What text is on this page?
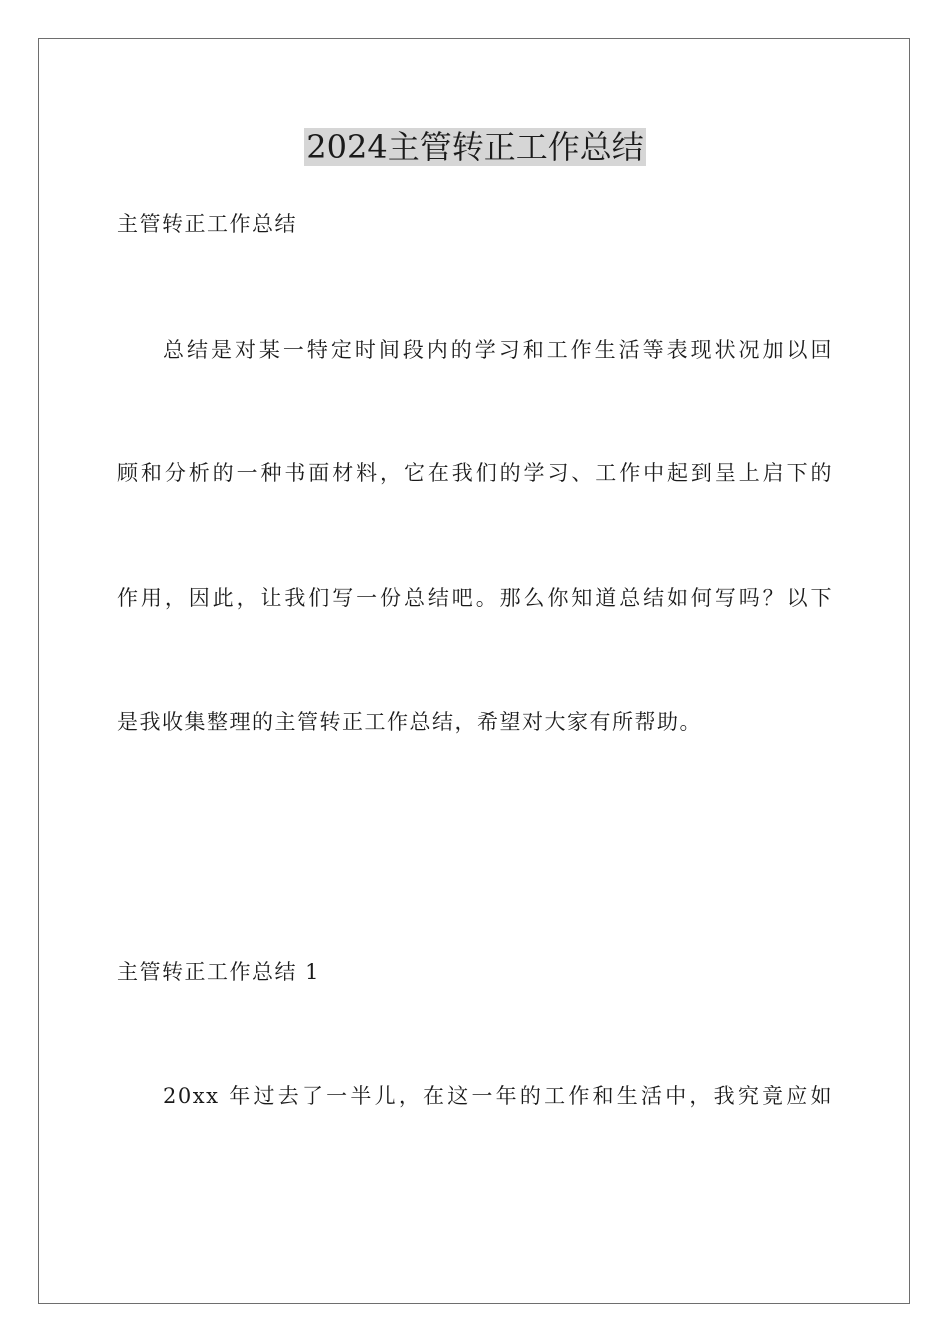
2024主管转正工作总结

主管转正工作总结

总结是对某一特定时间段内的学习和工作生活等表现状况加以回

顾和分析的一种书面材料，它在我们的学习、工作中起到呈上启下的

作用，因此，让我们写一份总结吧。那么你知道总结如何写吗？以下

是我收集整理的主管转正工作总结，希望对大家有所帮助。

主管转正工作总结 1

20xx 年过去了一半儿，在这一年的工作和生活中，我究竟应如
